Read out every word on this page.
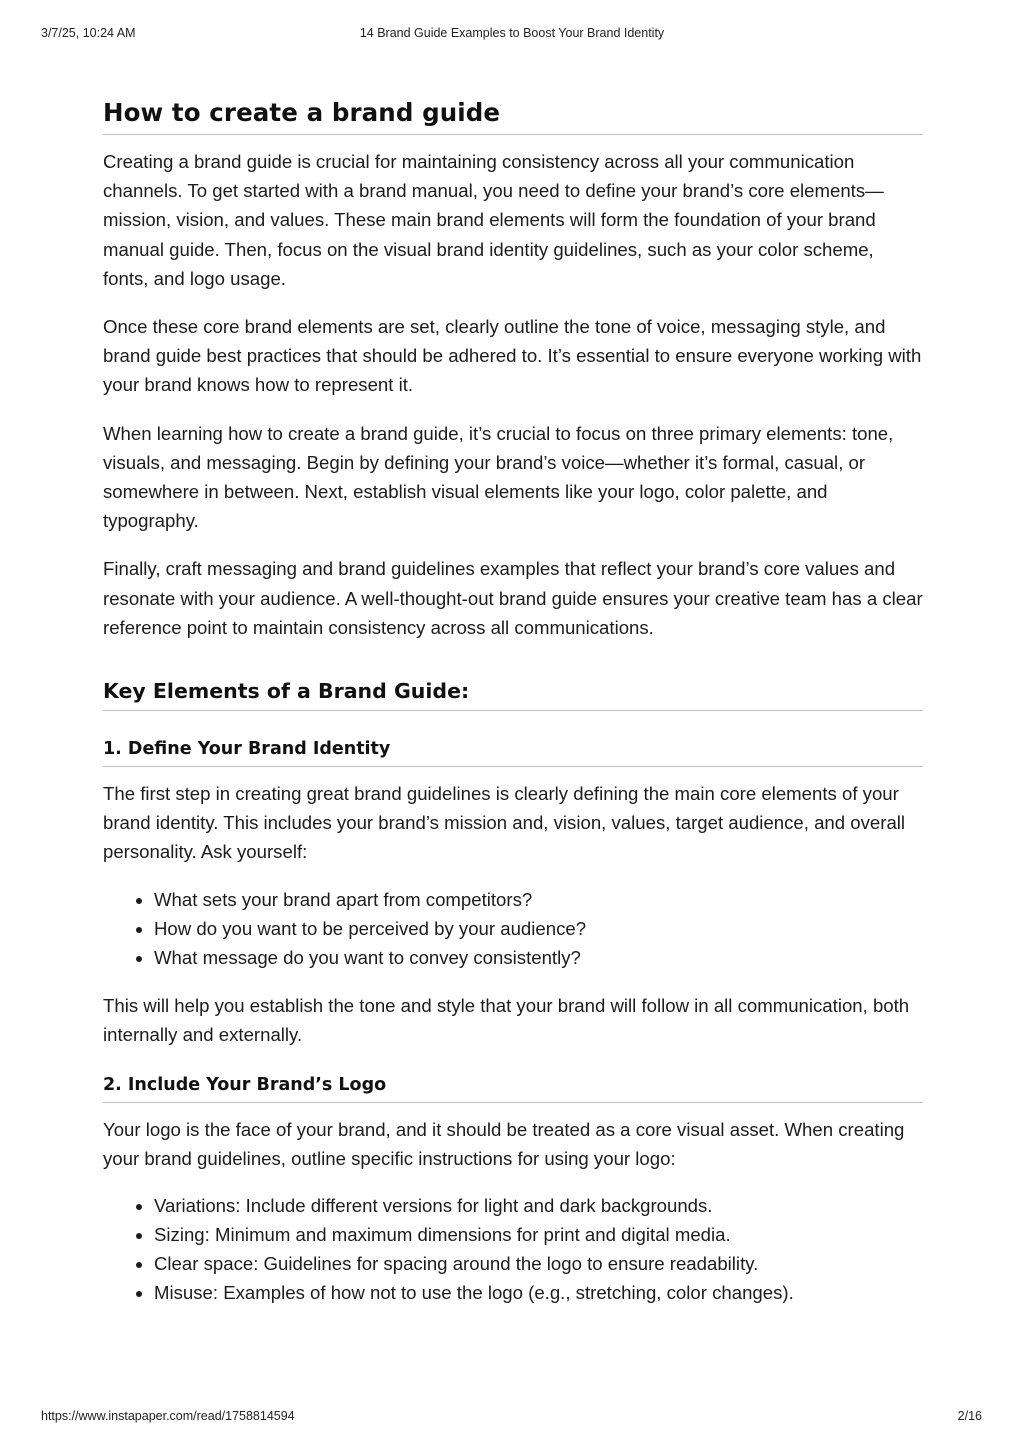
3/7/25, 10:24 AM	14 Brand Guide Examples to Boost Your Brand Identity
How to create a brand guide

Creating a brand guide is crucial for maintaining consistency across all your communication channels. To get started with a brand manual, you need to define your brand’s core elements—mission, vision, and values. These main brand elements will form the foundation of your brand manual guide. Then, focus on the visual brand identity guidelines, such as your color scheme, fonts, and logo usage.

Once these core brand elements are set, clearly outline the tone of voice, messaging style, and brand guide best practices that should be adhered to. It’s essential to ensure everyone working with your brand knows how to represent it.

When learning how to create a brand guide, it’s crucial to focus on three primary elements: tone, visuals, and messaging. Begin by defining your brand’s voice—whether it’s formal, casual, or somewhere in between. Next, establish visual elements like your logo, color palette, and typography.

Finally, craft messaging and brand guidelines examples that reflect your brand’s core values and resonate with your audience. A well-thought-out brand guide ensures your creative team has a clear reference point to maintain consistency across all communications.

Key Elements of a Brand Guide:
1. Define Your Brand Identity

The first step in creating great brand guidelines is clearly defining the main core elements of your brand identity. This includes your brand’s mission and, vision, values, target audience, and overall personality. Ask yourself:

• What sets your brand apart from competitors?
• How do you want to be perceived by your audience?
• What message do you want to convey consistently?

This will help you establish the tone and style that your brand will follow in all communication, both internally and externally.

2. Include Your Brand’s Logo

Your logo is the face of your brand, and it should be treated as a core visual asset. When creating your brand guidelines, outline specific instructions for using your logo:

• Variations: Include different versions for light and dark backgrounds.
• Sizing: Minimum and maximum dimensions for print and digital media.
• Clear space: Guidelines for spacing around the logo to ensure readability.
• Misuse: Examples of how not to use the logo (e.g., stretching, color changes).
https://www.instapaper.com/read/1758814594	2/16
